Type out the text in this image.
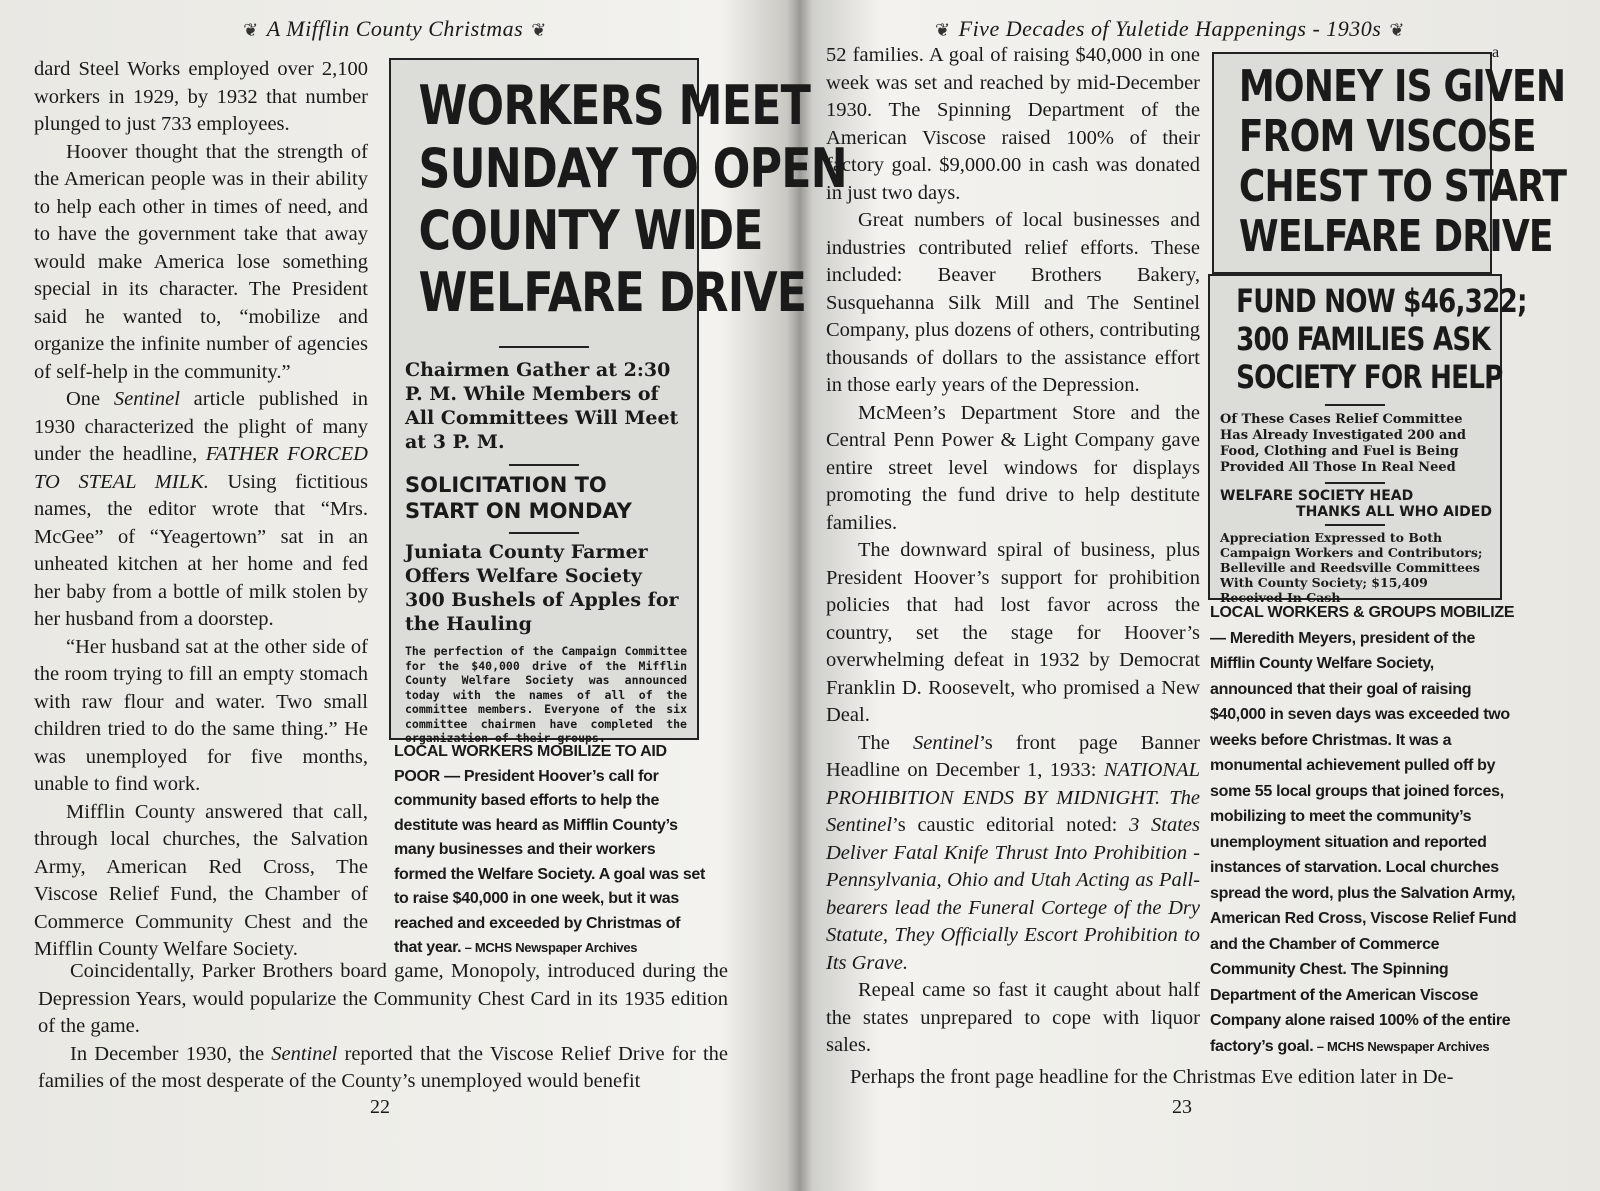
❦ A Mifflin County Christmas ❦

dard Steel Works employed over 2,100 workers in 1929, by 1932 that number plunged to just 733 employees.

Hoover thought that the strength of the American people was in their ability to help each other in times of need, and to have the government take that away would make America lose something special in its character. The President said he wanted to, “mobilize and organize the infinite number of agencies of self-help in the community.”

One Sentinel article published in 1930 characterized the plight of many under the headline, FATHER FORCED TO STEAL MILK. Using fictitious names, the editor wrote that “Mrs. McGee” of “Yeagertown” sat in an unheated kitchen at her home and fed her baby from a bottle of milk stolen by her husband from a doorstep.

“Her husband sat at the other side of the room trying to fill an empty stomach with raw flour and water. Two small children tried to do the same thing.” He was unemployed for five months, unable to find work.

Mifflin County answered that call, through local churches, the Salvation Army, American Red Cross, The Viscose Relief Fund, the Chamber of Commerce Community Chest and the Mifflin County Welfare Society.

WORKERS MEET
SUNDAY TO OPEN
COUNTY WIDE
WELFARE DRIVE
Chairmen Gather at 2:30 P. M. While Members of All Committees Will Meet at 3 P. M.
SOLICITATION TO START ON MONDAY
Juniata County Farmer Offers Welfare Society 300 Bushels of Apples for the Hauling
The perfection of the Campaign Committee for the $40,000 drive of the Mifflin County Welfare Society was announced today with the names of all of the committee members. Everyone of the six committee chairmen have completed the organization of their groups.
LOCAL WORKERS MOBILIZE TO AID POOR — President Hoover’s call for community based efforts to help the destitute was heard as Mifflin County’s many businesses and their workers formed the Welfare Society. A goal was set to raise $40,000 in one week, but it was reached and exceeded by Christmas of that year. – MCHS Newspaper Archives

Coincidentally, Parker Brothers board game, Monopoly, introduced during the Depression Years, would popularize the Community Chest Card in its 1935 edition of the game.

In December 1930, the Sentinel reported that the Viscose Relief Drive for the families of the most desperate of the County’s unemployed would benefit

22
❦ Five Decades of Yuletide Happenings - 1930s ❦
a

52 families. A goal of raising $40,000 in one week was set and reached by mid-December 1930. The Spinning Department of the American Viscose raised 100% of their factory goal. $9,000.00 in cash was donated in just two days.

Great numbers of local businesses and industries contributed relief efforts. These included: Beaver Brothers Bakery, Susquehanna Silk Mill and The Sentinel Company, plus dozens of others, contributing thousands of dollars to the assistance effort in those early years of the Depression.

McMeen’s Department Store and the Central Penn Power & Light Company gave entire street level windows for displays promoting the fund drive to help destitute families.

The downward spiral of business, plus President Hoover’s support for prohibition policies that had lost favor across the country, set the stage for Hoover’s overwhelming defeat in 1932 by Democrat Franklin D. Roosevelt, who promised a New Deal.

The Sentinel’s front page Banner Headline on December 1, 1933: NATIONAL PROHIBITION ENDS BY MIDNIGHT. The Sentinel’s caustic editorial noted: 3 States Deliver Fatal Knife Thrust Into Prohibition - Pennsylvania, Ohio and Utah Acting as Pall-bearers lead the Funeral Cortege of the Dry Statute, They Officially Escort Prohibition to Its Grave.

Repeal came so fast it caught about half the states unprepared to cope with liquor sales.

Perhaps the front page headline for the Christmas Eve edition later in De-

MONEY IS GIVEN
FROM VISCOSE
CHEST TO START
WELFARE DRIVE
FUND NOW $46,322;
300 FAMILIES ASK
SOCIETY FOR HELP
Of These Cases Relief Committee Has Already Investigated 200 and Food, Clothing and Fuel is Being Provided All Those In Real Need
WELFARE SOCIETY HEAD
THANKS ALL WHO AIDED
Appreciation Expressed to Both Campaign Workers and Contributors; Belleville and Reedsville Committees With County Society; $15,409 Received In Cash
LOCAL WORKERS & GROUPS MOBILIZE — Meredith Meyers, president of the Mifflin County Welfare Society, announced that their goal of raising $40,000 in seven days was exceeded two weeks before Christmas. It was a monumental achievement pulled off by some 55 local groups that joined forces, mobilizing to meet the community’s unemployment situation and reported instances of starvation. Local churches spread the word, plus the Salvation Army, American Red Cross, Viscose Relief Fund and the Chamber of Commerce Community Chest. The Spinning Department of the American Viscose Company alone raised 100% of the entire factory’s goal. – MCHS Newspaper Archives
23
